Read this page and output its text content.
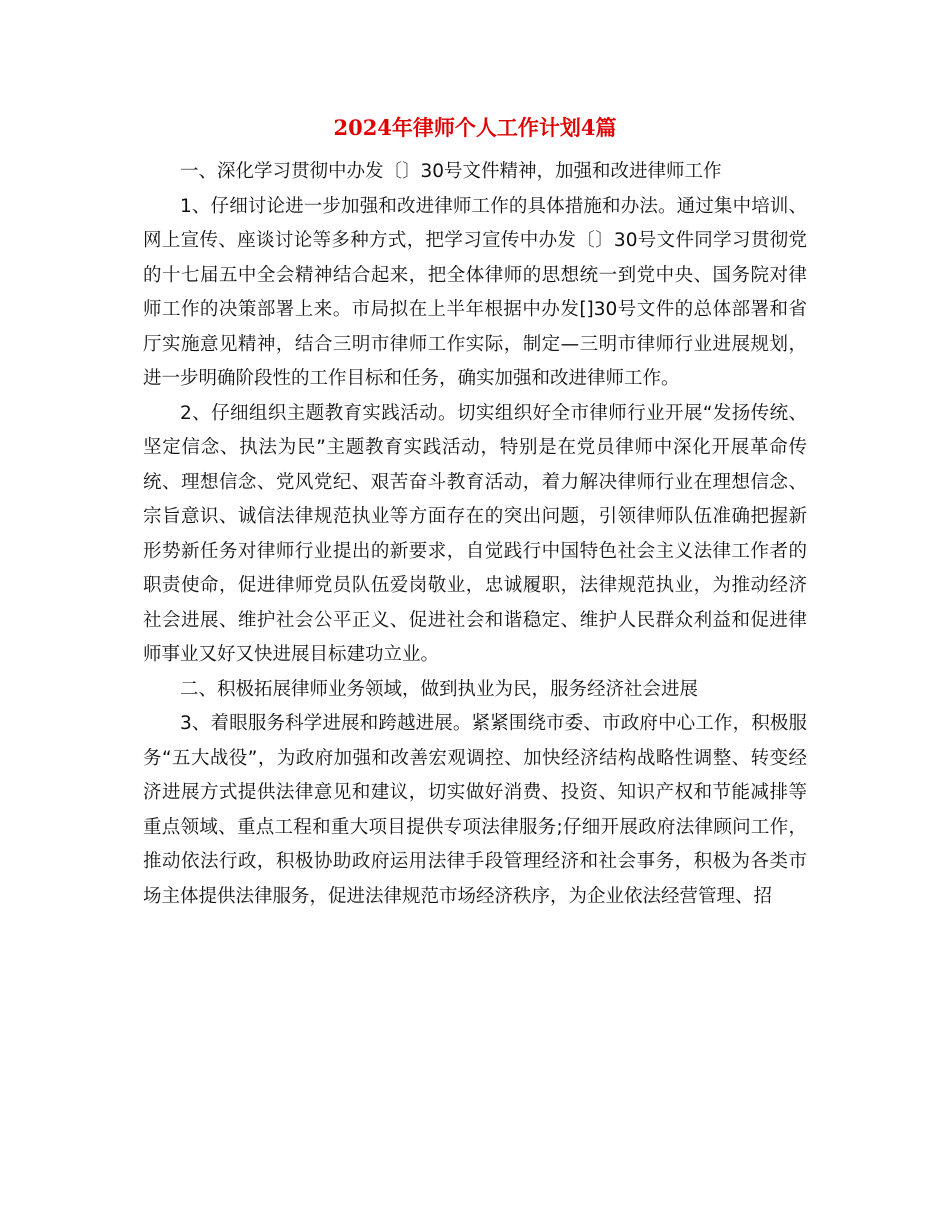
2024年律师个人工作计划4篇

一、深化学习贯彻中办发〔〕30号文件精神，加强和改进律师工作

1、仔细讨论进一步加强和改进律师工作的具体措施和办法。通过集中培训、网上宣传、座谈讨论等多种方式，把学习宣传中办发〔〕30号文件同学习贯彻党的十七届五中全会精神结合起来，把全体律师的思想统一到党中央、国务院对律师工作的决策部署上来。市局拟在上半年根据中办发[]30号文件的总体部署和省厅实施意见精神，结合三明市律师工作实际，制定—三明市律师行业进展规划，进一步明确阶段性的工作目标和任务，确实加强和改进律师工作。

2、仔细组织主题教育实践活动。切实组织好全市律师行业开展“发扬传统、坚定信念、执法为民”主题教育实践活动，特别是在党员律师中深化开展革命传统、理想信念、党风党纪、艰苦奋斗教育活动，着力解决律师行业在理想信念、宗旨意识、诚信法律规范执业等方面存在的突出问题，引领律师队伍准确把握新形势新任务对律师行业提出的新要求，自觉践行中国特色社会主义法律工作者的职责使命，促进律师党员队伍爱岗敬业，忠诚履职，法律规范执业，为推动经济社会进展、维护社会公平正义、促进社会和谐稳定、维护人民群众利益和促进律师事业又好又快进展目标建功立业。

二、积极拓展律师业务领域，做到执业为民，服务经济社会进展

3、着眼服务科学进展和跨越进展。紧紧围绕市委、市政府中心工作，积极服务“五大战役”，为政府加强和改善宏观调控、加快经济结构战略性调整、转变经济进展方式提供法律意见和建议，切实做好消费、投资、知识产权和节能减排等重点领域、重点工程和重大项目提供专项法律服务;仔细开展政府法律顾问工作，推动依法行政，积极协助政府运用法律手段管理经济和社会事务，积极为各类市场主体提供法律服务，促进法律规范市场经济秩序，为企业依法经营管理、招
